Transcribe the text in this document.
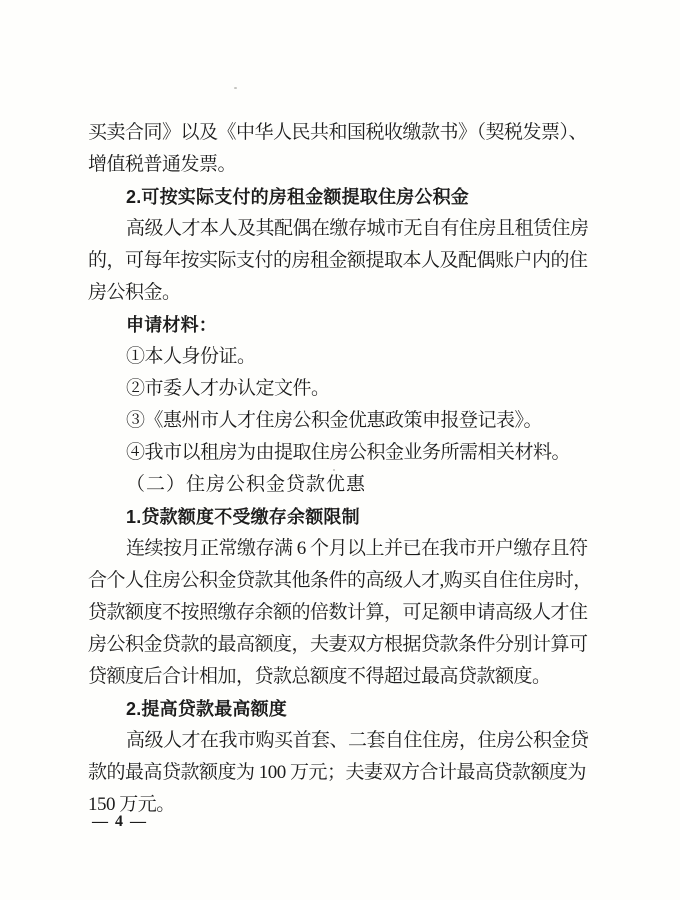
买卖合同》以及《中华人民共和国税收缴款书》（契税发票）、
增值税普通发票。
2.可按实际支付的房租金额提取住房公积金
高级人才本人及其配偶在缴存城市无自有住房且租赁住房
的，可每年按实际支付的房租金额提取本人及配偶账户内的住
房公积金。
申请材料：
①本人身份证。
②市委人才办认定文件。
③《惠州市人才住房公积金优惠政策申报登记表》。
④我市以租房为由提取住房公积金业务所需相关材料。
（二）住房公积金贷款优惠
1.贷款额度不受缴存余额限制
连续按月正常缴存满 6 个月以上并已在我市开户缴存且符
合个人住房公积金贷款其他条件的高级人才,购买自住住房时，
贷款额度不按照缴存余额的倍数计算，可足额申请高级人才住
房公积金贷款的最高额度，夫妻双方根据贷款条件分别计算可
贷额度后合计相加，贷款总额度不得超过最高贷款额度。
2.提高贷款最高额度
高级人才在我市购买首套、二套自住住房，住房公积金贷
款的最高贷款额度为 100 万元；夫妻双方合计最高贷款额度为
150 万元。
— 4 —
